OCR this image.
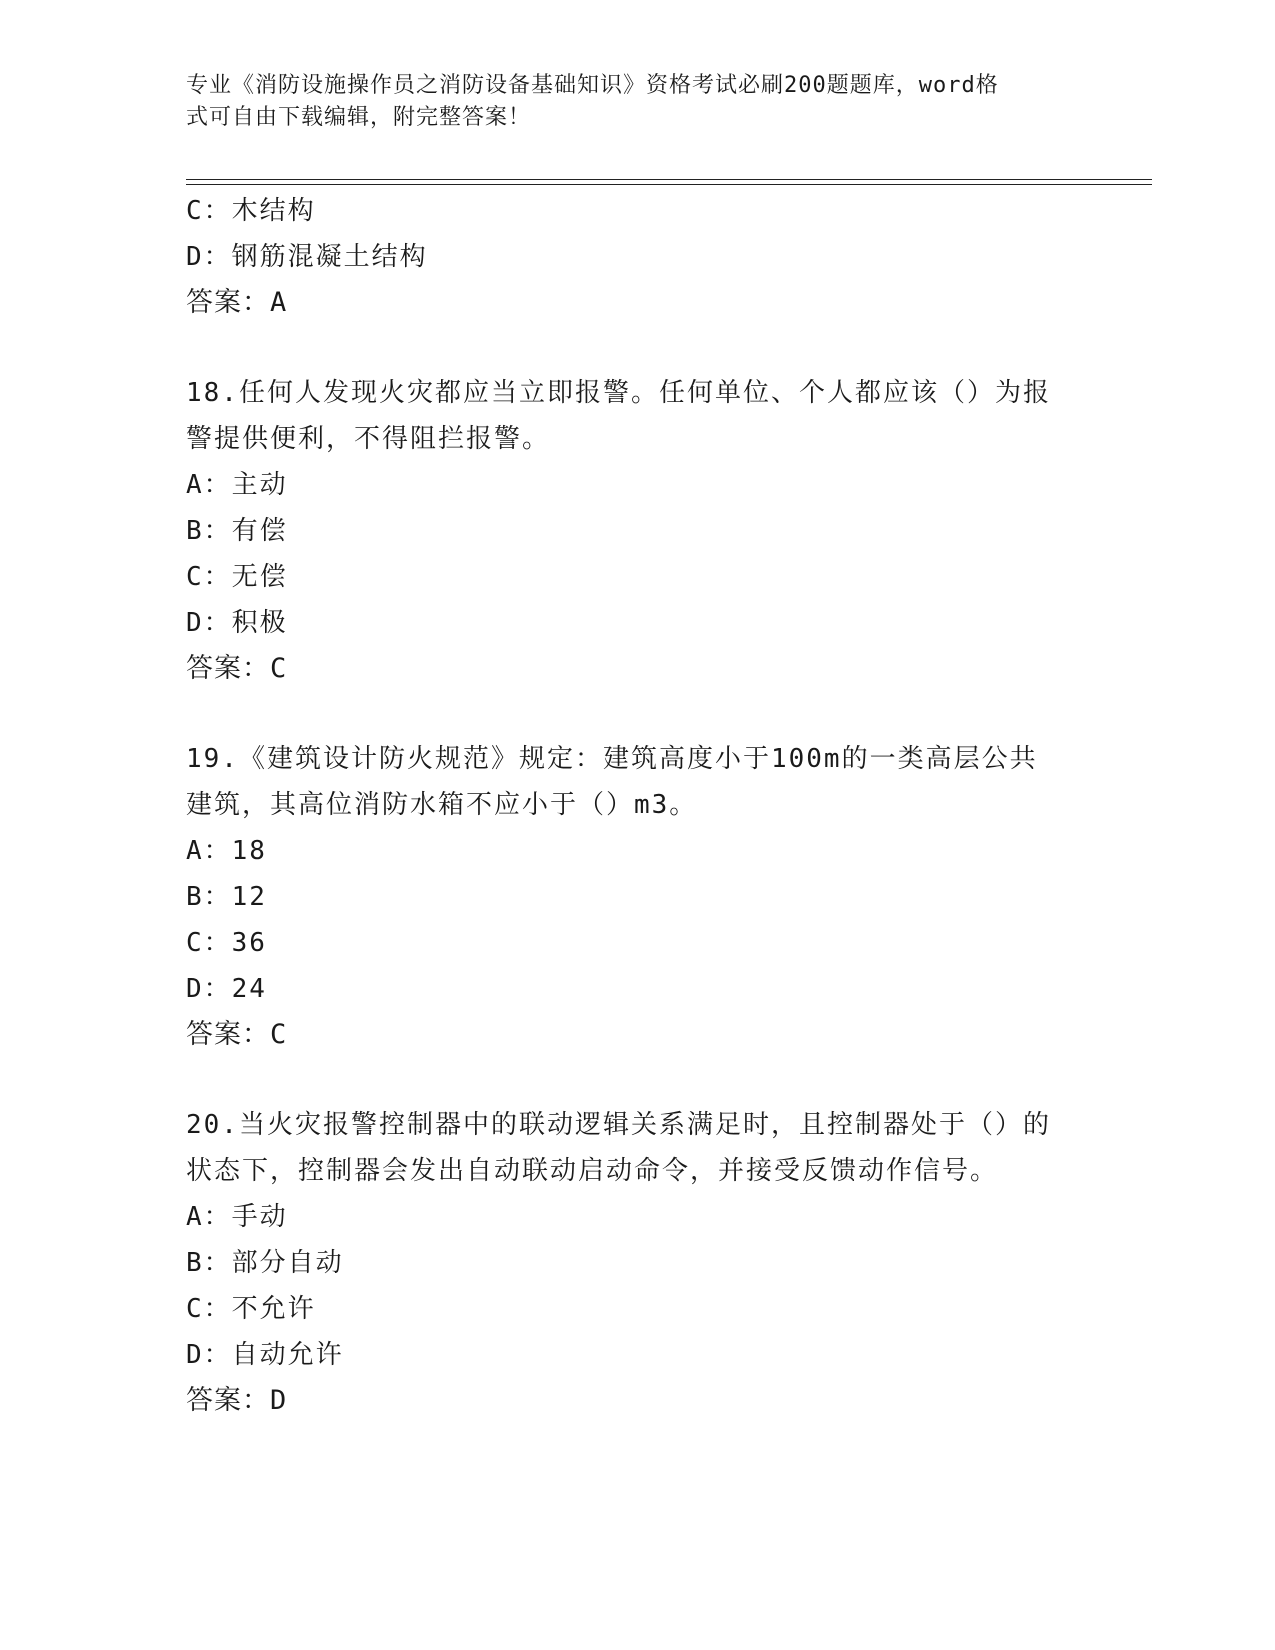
专业《消防设施操作员之消防设备基础知识》资格考试必刷200题题库，word格
式可自由下载编辑，附完整答案！
C：木结构
D：钢筋混凝土结构
答案：A
18.任何人发现火灾都应当立即报警。任何单位、个人都应该（）为报
警提供便利，不得阻拦报警。
A：主动
B：有偿
C：无偿
D：积极
答案：C
19.《建筑设计防火规范》规定：建筑高度小于100m的一类高层公共
建筑，其高位消防水箱不应小于（）m3。
A：18
B：12
C：36
D：24
答案：C
20.当火灾报警控制器中的联动逻辑关系满足时，且控制器处于（）的
状态下，控制器会发出自动联动启动命令，并接受反馈动作信号。
A：手动
B：部分自动
C：不允许
D：自动允许
答案：D
